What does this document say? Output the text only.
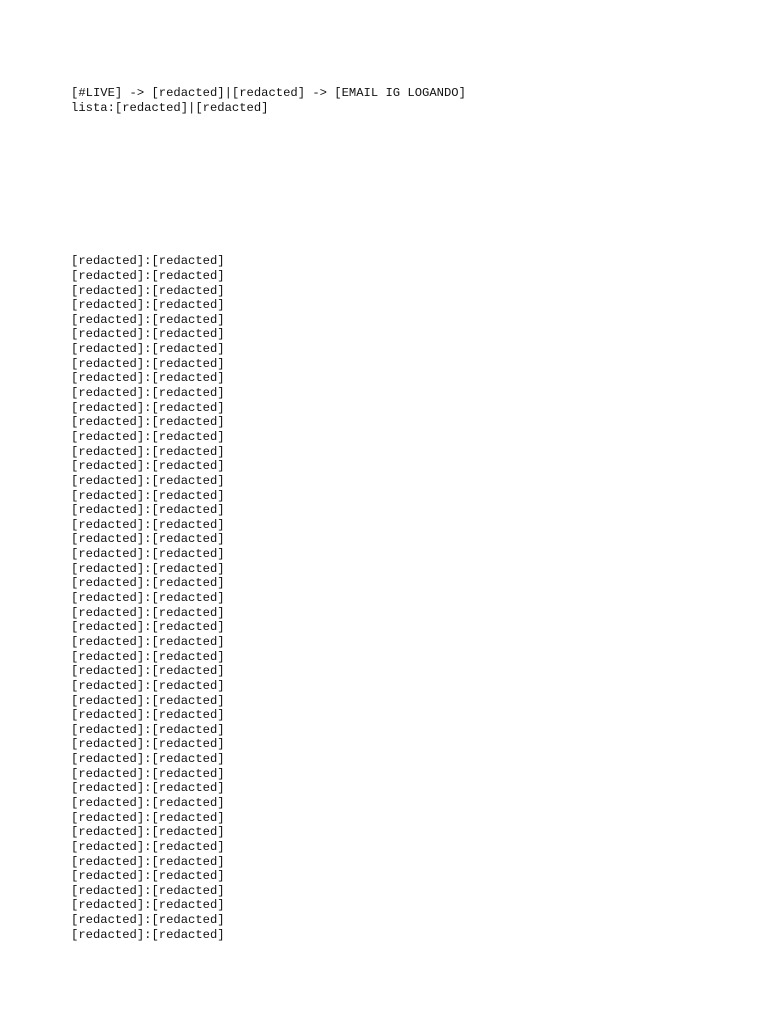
[#LIVE] -> [redacted]|[redacted] -> [EMAIL IG LOGANDO]
lista:[redacted]|[redacted]
[redacted]:[redacted]
[redacted]:[redacted]
[redacted]:[redacted]
[redacted]:[redacted]
[redacted]:[redacted]
[redacted]:[redacted]
[redacted]:[redacted]
[redacted]:[redacted]
[redacted]:[redacted]
[redacted]:[redacted]
[redacted]:[redacted]
[redacted]:[redacted]
[redacted]:[redacted]
[redacted]:[redacted]
[redacted]:[redacted]
[redacted]:[redacted]
[redacted]:[redacted]
[redacted]:[redacted]
[redacted]:[redacted]
[redacted]:[redacted]
[redacted]:[redacted]
[redacted]:[redacted]
[redacted]:[redacted]
[redacted]:[redacted]
[redacted]:[redacted]
[redacted]:[redacted]
[redacted]:[redacted]
[redacted]:[redacted]
[redacted]:[redacted]
[redacted]:[redacted]
[redacted]:[redacted]
[redacted]:[redacted]
[redacted]:[redacted]
[redacted]:[redacted]
[redacted]:[redacted]
[redacted]:[redacted]
[redacted]:[redacted]
[redacted]:[redacted]
[redacted]:[redacted]
[redacted]:[redacted]
[redacted]:[redacted]
[redacted]:[redacted]
[redacted]:[redacted]
[redacted]:[redacted]
[redacted]:[redacted]
[redacted]:[redacted]
[redacted]:[redacted]
